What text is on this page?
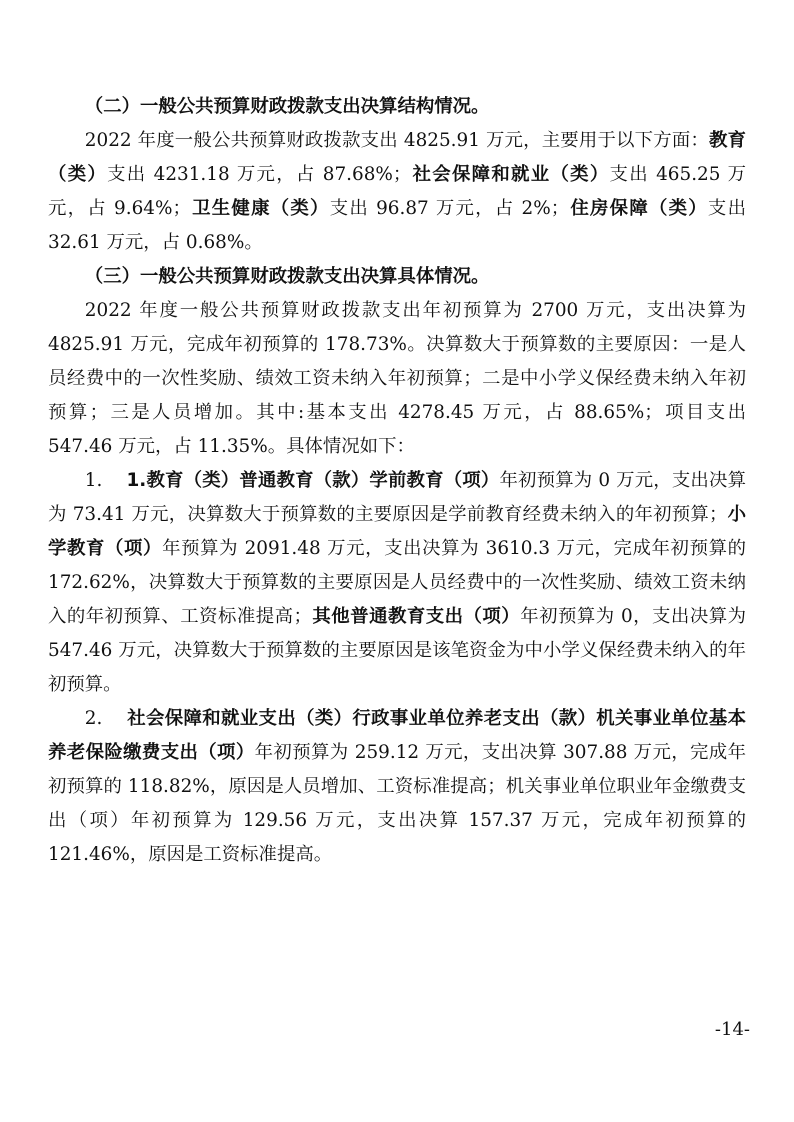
（二）一般公共预算财政拨款支出决算结构情况。

2022 年度一般公共预算财政拨款支出 4825.91 万元，主要用于以下方面：教育（类）支出 4231.18 万元，占 87.68%；社会保障和就业（类）支出 465.25 万元，占 9.64%；卫生健康（类）支出 96.87 万元，占 2%；住房保障（类）支出 32.61 万元，占 0.68%。

（三）一般公共预算财政拨款支出决算具体情况。

2022 年度一般公共预算财政拨款支出年初预算为 2700 万元，支出决算为 4825.91 万元，完成年初预算的 178.73%。决算数大于预算数的主要原因：一是人员经费中的一次性奖励、绩效工资未纳入年初预算；二是中小学义保经费未纳入年初预算；三是人员增加。其中:基本支出 4278.45 万元，占 88.65%；项目支出 547.46 万元，占 11.35%。具体情况如下：

1. 1.教育（类）普通教育（款）学前教育（项）年初预算为 0 万元，支出决算为 73.41 万元，决算数大于预算数的主要原因是学前教育经费未纳入的年初预算；小学教育（项）年预算为 2091.48 万元，支出决算为 3610.3 万元，完成年初预算的 172.62%，决算数大于预算数的主要原因是人员经费中的一次性奖励、绩效工资未纳入的年初预算、工资标准提高；其他普通教育支出（项）年初预算为 0，支出决算为 547.46 万元，决算数大于预算数的主要原因是该笔资金为中小学义保经费未纳入的年初预算。

2. 社会保障和就业支出（类）行政事业单位养老支出（款）机关事业单位基本养老保险缴费支出（项）年初预算为 259.12 万元，支出决算 307.88 万元，完成年初预算的 118.82%，原因是人员增加、工资标准提高；机关事业单位职业年金缴费支出（项）年初预算为 129.56 万元，支出决算 157.37 万元，完成年初预算的 121.46%，原因是工资标准提高。

-14-
